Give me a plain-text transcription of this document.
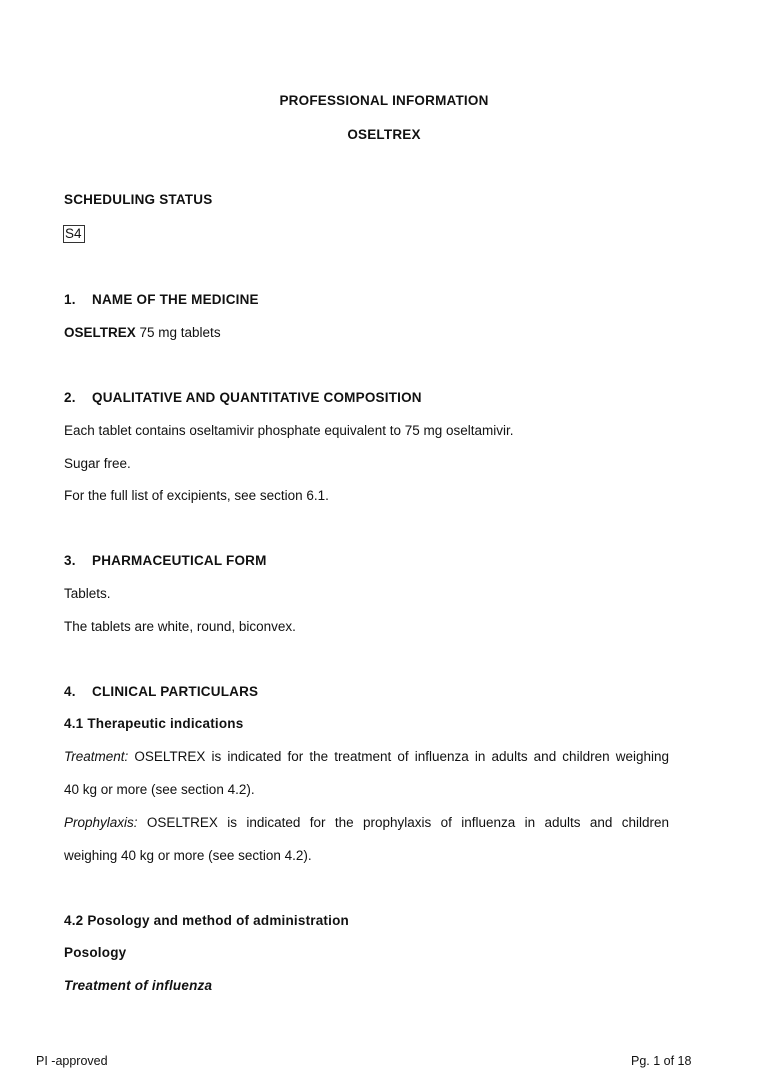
PROFESSIONAL INFORMATION
OSELTREX
SCHEDULING STATUS
S4
1. NAME OF THE MEDICINE
OSELTREX 75 mg tablets
2. QUALITATIVE AND QUANTITATIVE COMPOSITION
Each tablet contains oseltamivir phosphate equivalent to 75 mg oseltamivir.
Sugar free.
For the full list of excipients, see section 6.1.
3. PHARMACEUTICAL FORM
Tablets.
The tablets are white, round, biconvex.
4. CLINICAL PARTICULARS
4.1 Therapeutic indications
Treatment: OSELTREX is indicated for the treatment of influenza in adults and children weighing
40 kg or more (see section 4.2).
Prophylaxis: OSELTREX is indicated for the prophylaxis of influenza in adults and children
weighing 40 kg or more (see section 4.2).
4.2 Posology and method of administration
Posology
Treatment of influenza
PI -approved	Pg. 1 of 18
